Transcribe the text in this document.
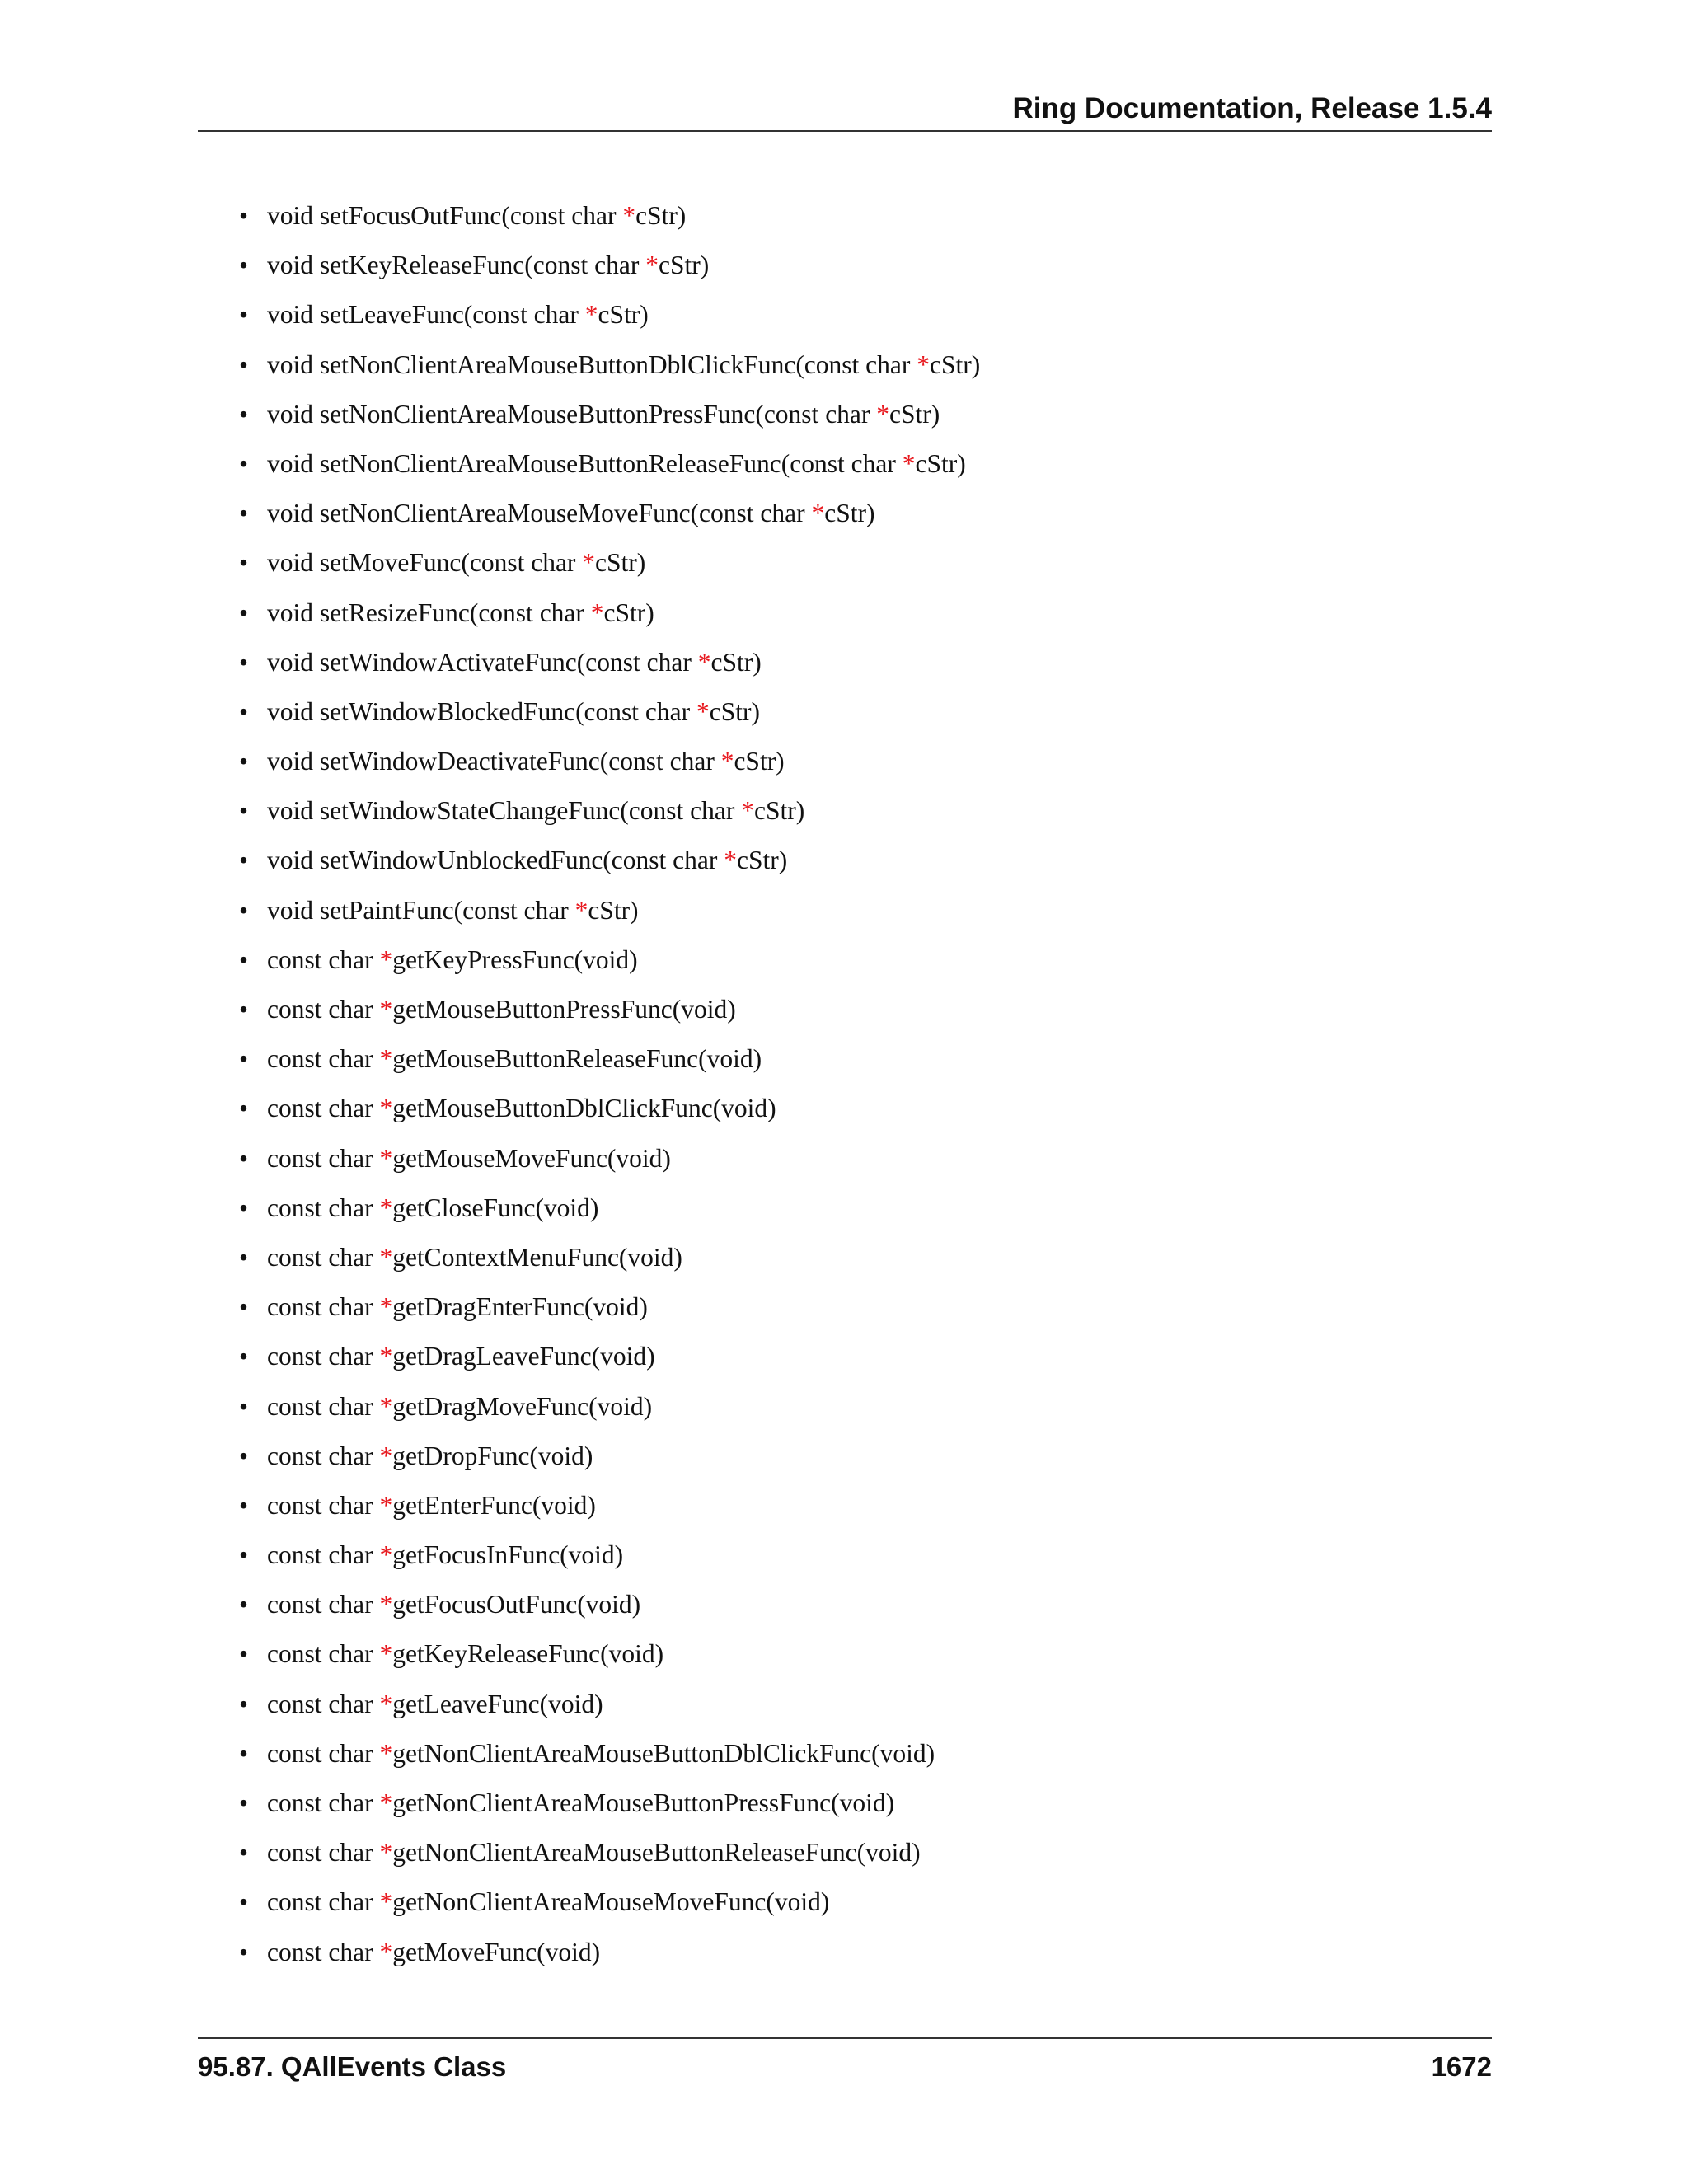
Ring Documentation, Release 1.5.4
• void setFocusOutFunc(const char *cStr)
• void setKeyReleaseFunc(const char *cStr)
• void setLeaveFunc(const char *cStr)
• void setNonClientAreaMouseButtonDblClickFunc(const char *cStr)
• void setNonClientAreaMouseButtonPressFunc(const char *cStr)
• void setNonClientAreaMouseButtonReleaseFunc(const char *cStr)
• void setNonClientAreaMouseMoveFunc(const char *cStr)
• void setMoveFunc(const char *cStr)
• void setResizeFunc(const char *cStr)
• void setWindowActivateFunc(const char *cStr)
• void setWindowBlockedFunc(const char *cStr)
• void setWindowDeactivateFunc(const char *cStr)
• void setWindowStateChangeFunc(const char *cStr)
• void setWindowUnblockedFunc(const char *cStr)
• void setPaintFunc(const char *cStr)
• const char *getKeyPressFunc(void)
• const char *getMouseButtonPressFunc(void)
• const char *getMouseButtonReleaseFunc(void)
• const char *getMouseButtonDblClickFunc(void)
• const char *getMouseMoveFunc(void)
• const char *getCloseFunc(void)
• const char *getContextMenuFunc(void)
• const char *getDragEnterFunc(void)
• const char *getDragLeaveFunc(void)
• const char *getDragMoveFunc(void)
• const char *getDropFunc(void)
• const char *getEnterFunc(void)
• const char *getFocusInFunc(void)
• const char *getFocusOutFunc(void)
• const char *getKeyReleaseFunc(void)
• const char *getLeaveFunc(void)
• const char *getNonClientAreaMouseButtonDblClickFunc(void)
• const char *getNonClientAreaMouseButtonPressFunc(void)
• const char *getNonClientAreaMouseButtonReleaseFunc(void)
• const char *getNonClientAreaMouseMoveFunc(void)
• const char *getMoveFunc(void)
95.87. QAllEvents Class	1672
